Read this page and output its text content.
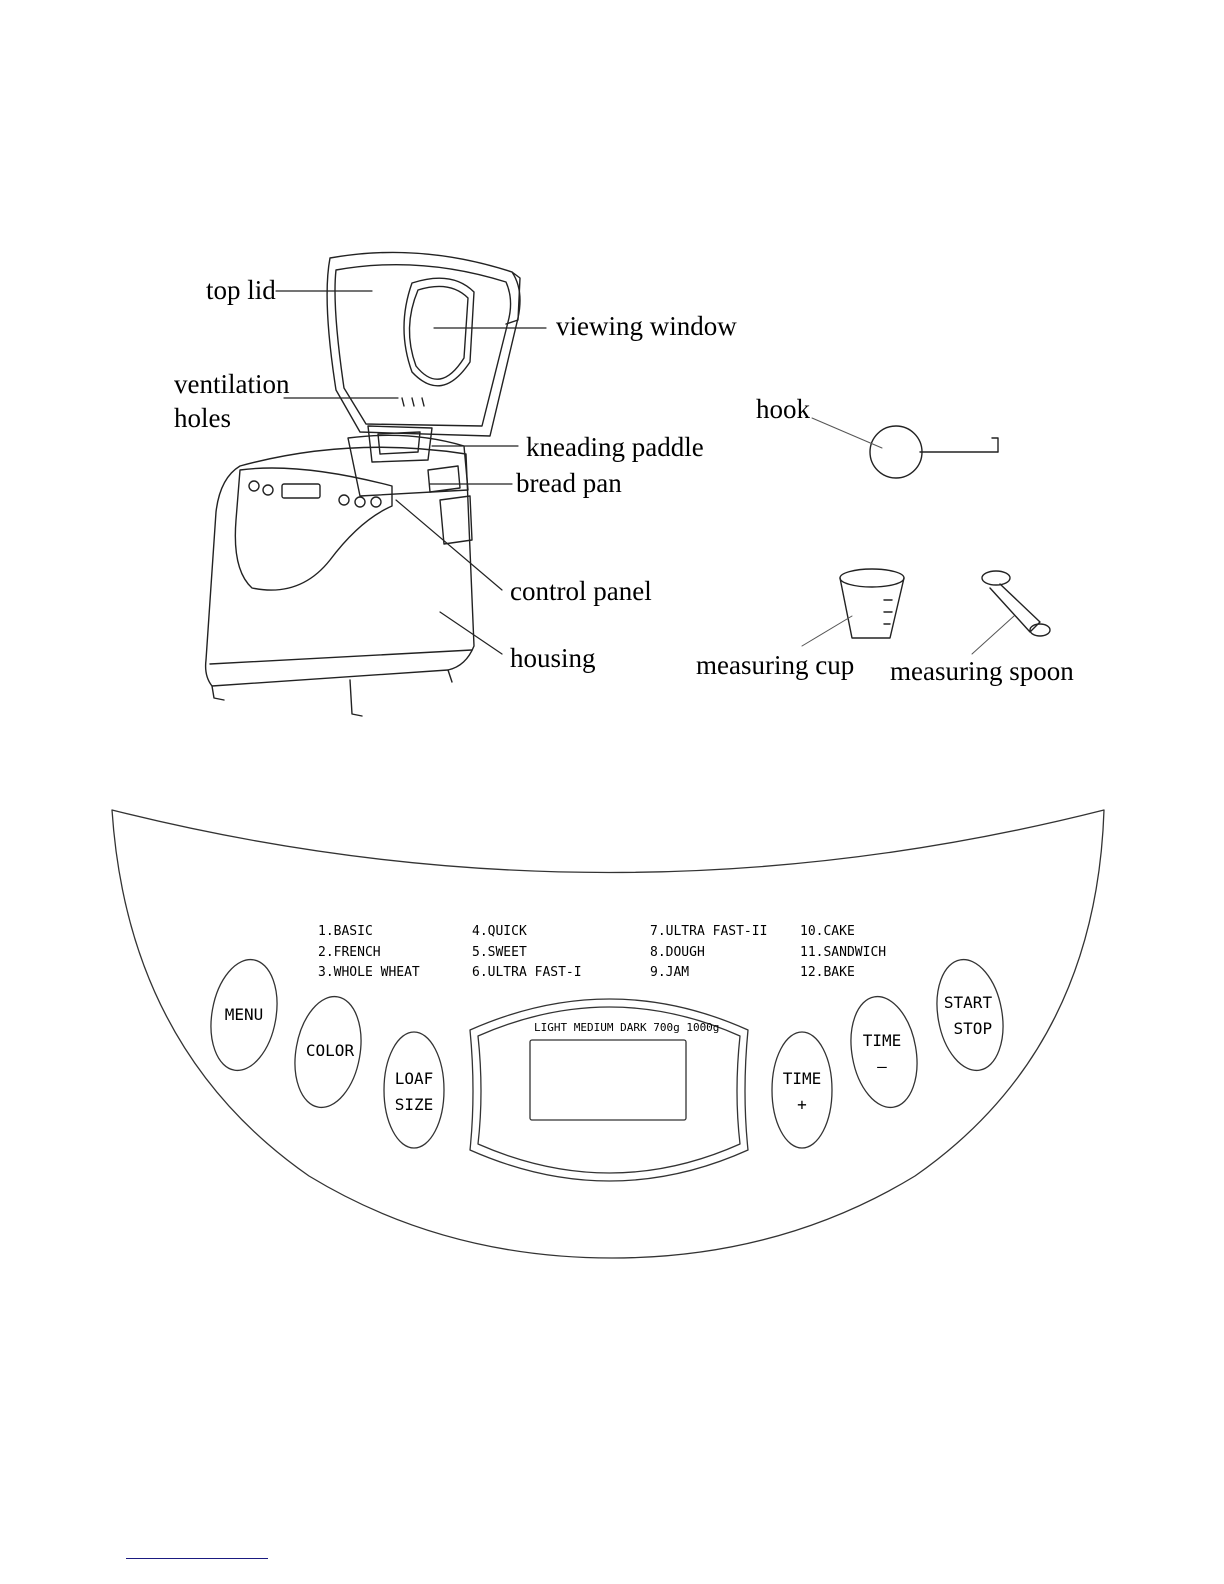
top lid
viewing window
ventilation
holes
kneading paddle
bread pan
control panel
housing
hook
measuring cup measuring spoon
1.BASIC
2.FRENCH
3.WHOLE WHEAT
4.QUICK
5.SWEET
6.ULTRA FAST-I
7.ULTRA FAST-II
8.DOUGH
9.JAM
10.CAKE
11.SANDWICH
12.BAKE
LIGHT MEDIUM DARK 700g 1000g
MENU
COLOR
LOAF
SIZE
TIME
+
TIME
–
START
STOP
